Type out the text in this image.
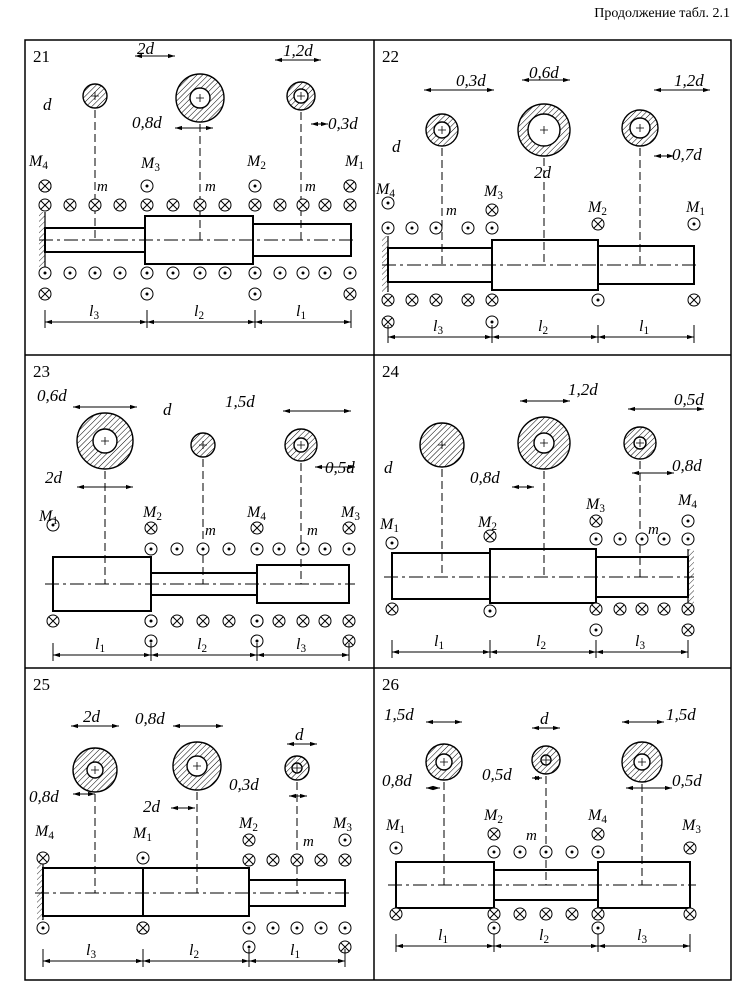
Продолжение табл. 2.1
21
d
2d
0,8d
1,2d
0,3d
M4	M3	M2	M1
m	m	m
l3	l2	l1
22
d
0,3d	0,6d
2d
1,2d
0,7d
M4	M3
M2	M1
m
l3	l2	l1
23
0,6d
2d
d	1,5d
0,5d
M1	M2	M4	M3
m	m
l1	l2	l3
24
d
0,8d
1,2d
0,5d
0,8d
M1	M2
M3	M4
m
l1	l2	l3
25
2d 0,8d
0,8d
2d
d
0,3d
M4	M1
M2	M3
m
l3	l2	l1
26
1,5d
0,8d
d
0,5d
1,5d
0,5d
M1
M2	M4	M3
m
l1	l2	l3
